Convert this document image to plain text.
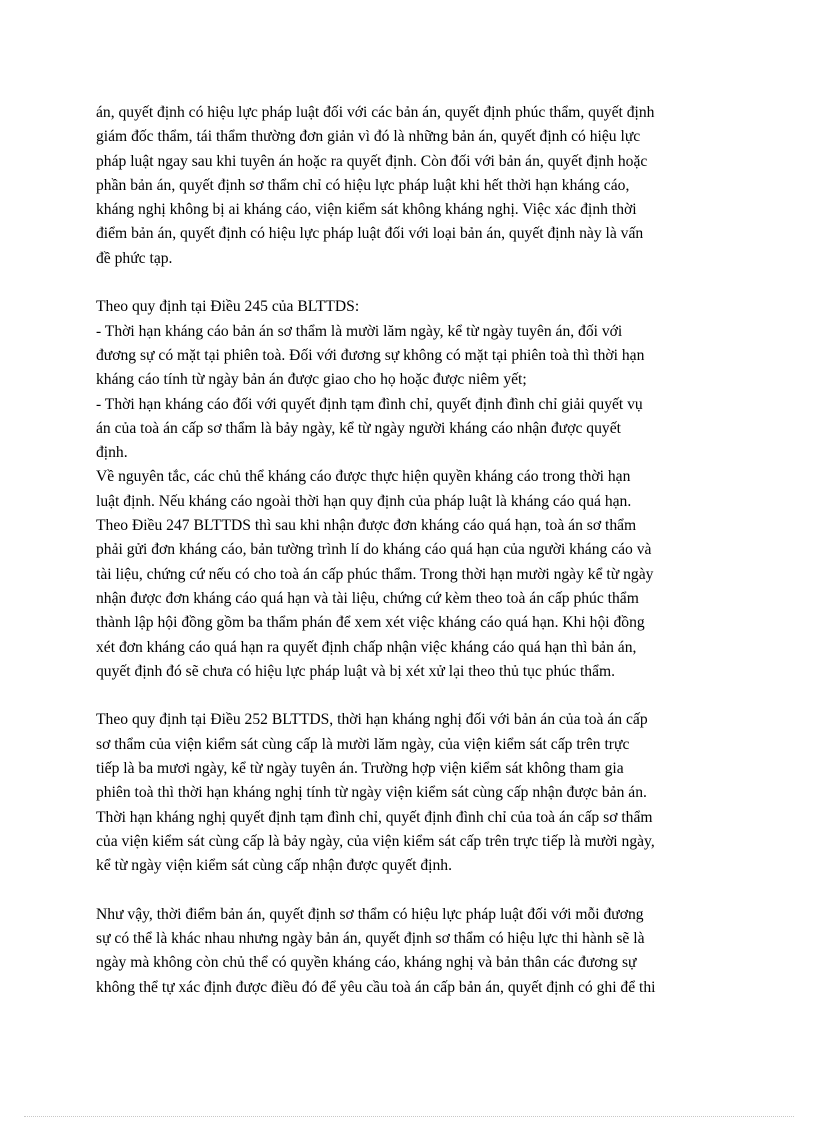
án, quyết định có hiệu lực pháp luật đối với các bản án, quyết định phúc thẩm, quyết định
giám đốc thẩm, tái thẩm thường đơn giản vì đó là những bản án, quyết định có hiệu lực
pháp luật ngay sau khi tuyên án hoặc ra quyết định. Còn đối với bản án, quyết định hoặc
phần bản án, quyết định sơ thẩm chỉ có hiệu lực pháp luật khi hết thời hạn kháng cáo,
kháng nghị không bị ai kháng cáo, viện kiểm sát không kháng nghị. Việc xác định thời
điểm bản án, quyết định có hiệu lực pháp luật đối với loại bản án, quyết định này là vấn
đề phức tạp.
Theo quy định tại Điều 245 của BLTTDS:
- Thời hạn kháng cáo bản án sơ thẩm là mười lăm ngày, kể từ ngày tuyên án, đối với
đương sự có mặt tại phiên toà. Đối với đương sự không có mặt tại phiên toà thì thời hạn
kháng cáo tính từ ngày bản án được giao cho họ hoặc được niêm yết;
- Thời hạn kháng cáo đối với quyết định tạm đình chỉ, quyết định đình chỉ giải quyết vụ
án của toà án cấp sơ thẩm là bảy ngày, kể từ ngày người kháng cáo nhận được quyết
định.
Về nguyên tắc, các chủ thể kháng cáo được thực hiện quyền kháng cáo trong thời hạn
luật định. Nếu kháng cáo ngoài thời hạn quy định của pháp luật là kháng cáo quá hạn.
Theo Điều 247 BLTTDS thì sau khi nhận được đơn kháng cáo quá hạn, toà án sơ thẩm
phải gửi đơn kháng cáo, bản tường trình lí do kháng cáo quá hạn của người kháng cáo và
tài liệu, chứng cứ nếu có cho toà án cấp phúc thẩm. Trong thời hạn mười ngày kể từ ngày
nhận được đơn kháng cáo quá hạn và tài liệu, chứng cứ kèm theo toà án cấp phúc thẩm
thành lập hội đồng gồm ba thẩm phán để xem xét việc kháng cáo quá hạn. Khi hội đồng
xét đơn kháng cáo quá hạn ra quyết định chấp nhận việc kháng cáo quá hạn thì bản án,
quyết định đó sẽ chưa có hiệu lực pháp luật và bị xét xử lại theo thủ tục phúc thẩm.
Theo quy định tại Điều 252 BLTTDS, thời hạn kháng nghị đối với bản án của toà án cấp
sơ thẩm của viện kiểm sát cùng cấp là mười lăm ngày, của viện kiểm sát cấp trên trực
tiếp là ba mươi ngày, kể từ ngày tuyên án. Trường hợp viện kiểm sát không tham gia
phiên toà thì thời hạn kháng nghị tính từ ngày viện kiểm sát cùng cấp nhận được bản án.
Thời hạn kháng nghị quyết định tạm đình chỉ, quyết định đình chỉ của toà án cấp sơ thẩm
của viện kiểm sát cùng cấp là bảy ngày, của viện kiểm sát cấp trên trực tiếp là mười ngày,
kể từ ngày viện kiểm sát cùng cấp nhận được quyết định.
Như vậy, thời điểm bản án, quyết định sơ thẩm có hiệu lực pháp luật đối với mỗi đương
sự có thể là khác nhau nhưng ngày bản án, quyết định sơ thẩm có hiệu lực thi hành sẽ là
ngày mà không còn chủ thể có quyền kháng cáo, kháng nghị và bản thân các đương sự
không thể tự xác định được điều đó để yêu cầu toà án cấp bản án, quyết định có ghi để thi
